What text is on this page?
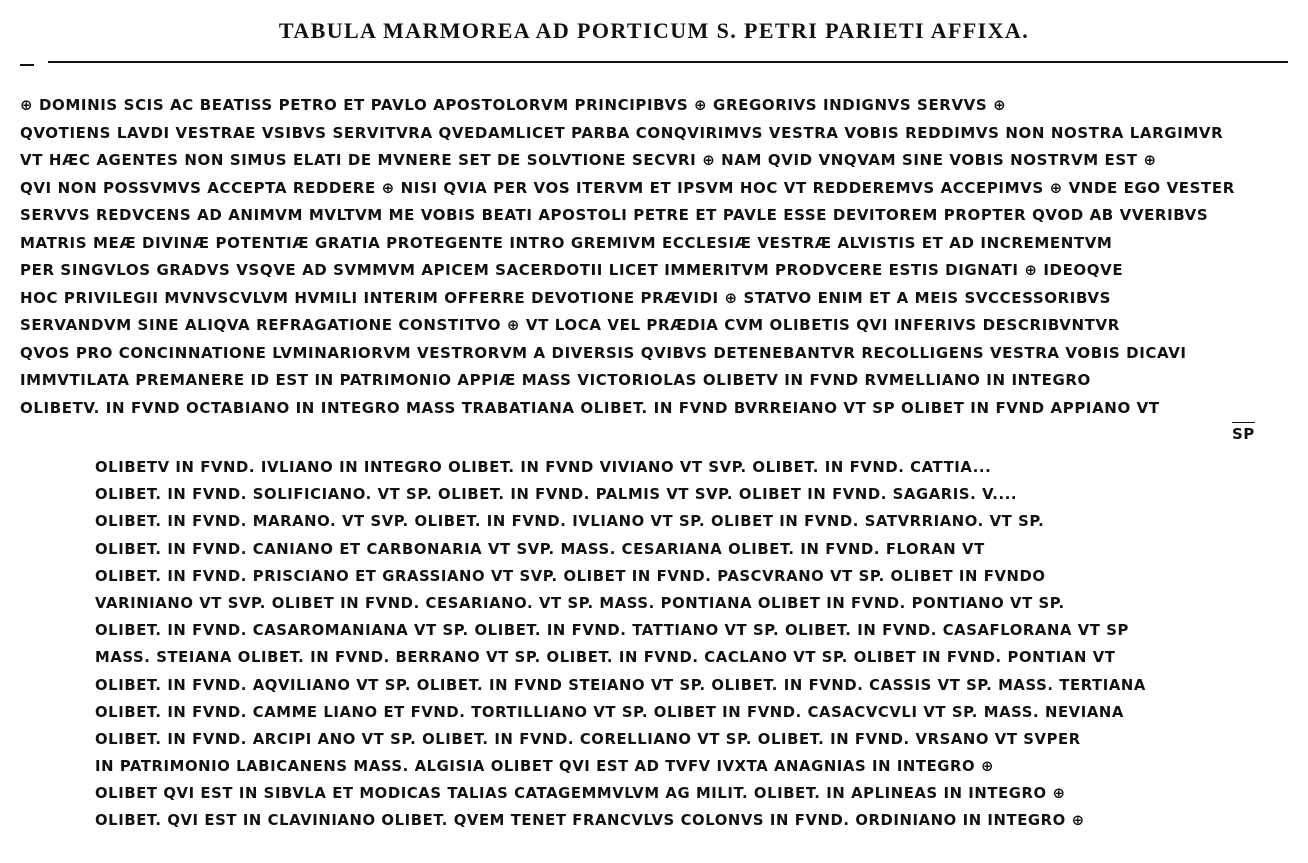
TABULA MARMOREA AD PORTICUM S. PETRI PARIETI AFFIXA.
⊕ DOMINIS SCIS AC BEATISS PETRO ET PAVLO APOSTOLORVM PRINCIPIBVS ⊕ GREGORIVS INDIGNVS SERVVS ⊕
QVOTIENS LAVDI VESTRAE VSIBVS SERVITVRA QVEDAMLICET PARBA CONQVIRIMVS VESTRA VOBIS REDDIMVS NON NOSTRA LARGIMVR
VT HÆC AGENTES NON SIMUS ELATI DE MVNERE SET DE SOLVTIONE SECVRI ⊕ NAM QVID VNQVAM SINE VOBIS NOSTRVM EST ⊕
QVI NON POSSVMVS ACCEPTA REDDERE ⊕ NISI QVIA PER VOS ITERVM ET IPSVM HOC VT REDDEREMVS ACCEPIMVS ⊕ VNDE EGO VESTER
SERVVS REDVCENS AD ANIMVM MVLTVM ME VOBIS BEATI APOSTOLI PETRE ET PAVLE ESSE DEVITOREM PROPTER QVOD AB VVERIBVS
MATRIS MEÆ DIVINÆ POTENTIÆ GRATIA PROTEGENTE INTRO GREMIVM ECCLESIÆ VESTRÆ ALVISTIS ET AD INCREMENTVM
PER SINGVLOS GRADVS VSQVE AD SVMMVM APICEM SACERDOTII LICET IMMERITVM PRODVCERE ESTIS DIGNATI ⊕ IDEOQVE
HOC PRIVILEGII MVNVSCVLVM HVMILI INTERIM OFFERRE DEVOTIONE PRÆVIDI ⊕ STATVO ENIM ET A MEIS SVCCESSORIBVS
SERVANDVM SINE ALIQVA REFRAGATIONE CONSTITVO ⊕ VT LOCA VEL PRÆDIA CVM OLIBETIS QVI INFERIVS DESCRIBVNTVR
QVOS PRO CONCINNATIONE LVMINARIORVM VESTRORVM A DIVERSIS QVIBVS DETENEBANTVR RECOLLIGENS VESTRA VOBIS DICAVI
IMMVTILATA PREMANERE ID EST IN PATRIMONIO APPIÆ MASS VICTORIOLAS OLIBETV IN FVND RVMELLIANO IN INTEGRO
OLIBETV. IN FVND OCTABIANO IN INTEGRO MASS TRABATIANA OLIBET. IN FVND BVRREIANO VT SP OLIBET IN FVND APPIANO VT
SP
OLIBETV IN FVND. IVLIANO IN INTEGRO OLIBET. IN FVND VIVIANO VT SVP. OLIBET. IN FVND. CATTIA...
OLIBET. IN FVND. SOLIFICIANO. VT SP. OLIBET. IN FVND. PALMIS VT SVP. OLIBET IN FVND. SAGARIS. V....
OLIBET. IN FVND. MARANO. VT SVP. OLIBET. IN FVND. IVLIANO VT SP. OLIBET IN FVND. SATVRRIANO. VT SP.
OLIBET. IN FVND. CANIANO ET CARBONARIA VT SVP. MASS. CESARIANA OLIBET. IN FVND. FLORAN VT
OLIBET. IN FVND. PRISCIANO ET GRASSIANO VT SVP. OLIBET IN FVND. PASCVRANO VT SP. OLIBET IN FVNDO
VARINIANO VT SVP. OLIBET IN FVND. CESARIANO. VT SP. MASS. PONTIANA OLIBET IN FVND. PONTIANO VT SP.
OLIBET. IN FVND. CASAROMANIANA VT SP. OLIBET. IN FVND. TATTIANO VT SP. OLIBET. IN FVND. CASAFLORANA VT SP
MASS. STEIANA OLIBET. IN FVND. BERRANO VT SP. OLIBET. IN FVND. CACLANO VT SP. OLIBET IN FVND. PONTIAN VT
OLIBET. IN FVND. AQVILIANO VT SP. OLIBET. IN FVND STEIANO VT SP. OLIBET. IN FVND. CASSIS VT SP. MASS. TERTIANA
OLIBET. IN FVND. CAMME LIANO ET FVND. TORTILLIANO VT SP. OLIBET IN FVND. CASACVCVLI VT SP. MASS. NEVIANA
OLIBET. IN FVND. ARCIPI ANO VT SP. OLIBET. IN FVND. CORELLIANO VT SP. OLIBET. IN FVND. VRSANO VT SVPER
IN PATRIMONIO LABICANENS MASS. ALGISIA OLIBET QVI EST AD TVFV IVXTA ANAGNIAS IN INTEGRO ⊕
OLIBET QVI EST IN SIBVLA ET MODICAS TALIAS CATAGEMMVLVM AG MILIT. OLIBET. IN APLINEAS IN INTEGRO ⊕
OLIBET. QVI EST IN CLAVINIANO OLIBET. QVEM TENET FRANCVLVS COLONVS IN FVND. ORDINIANO IN INTEGRO ⊕
